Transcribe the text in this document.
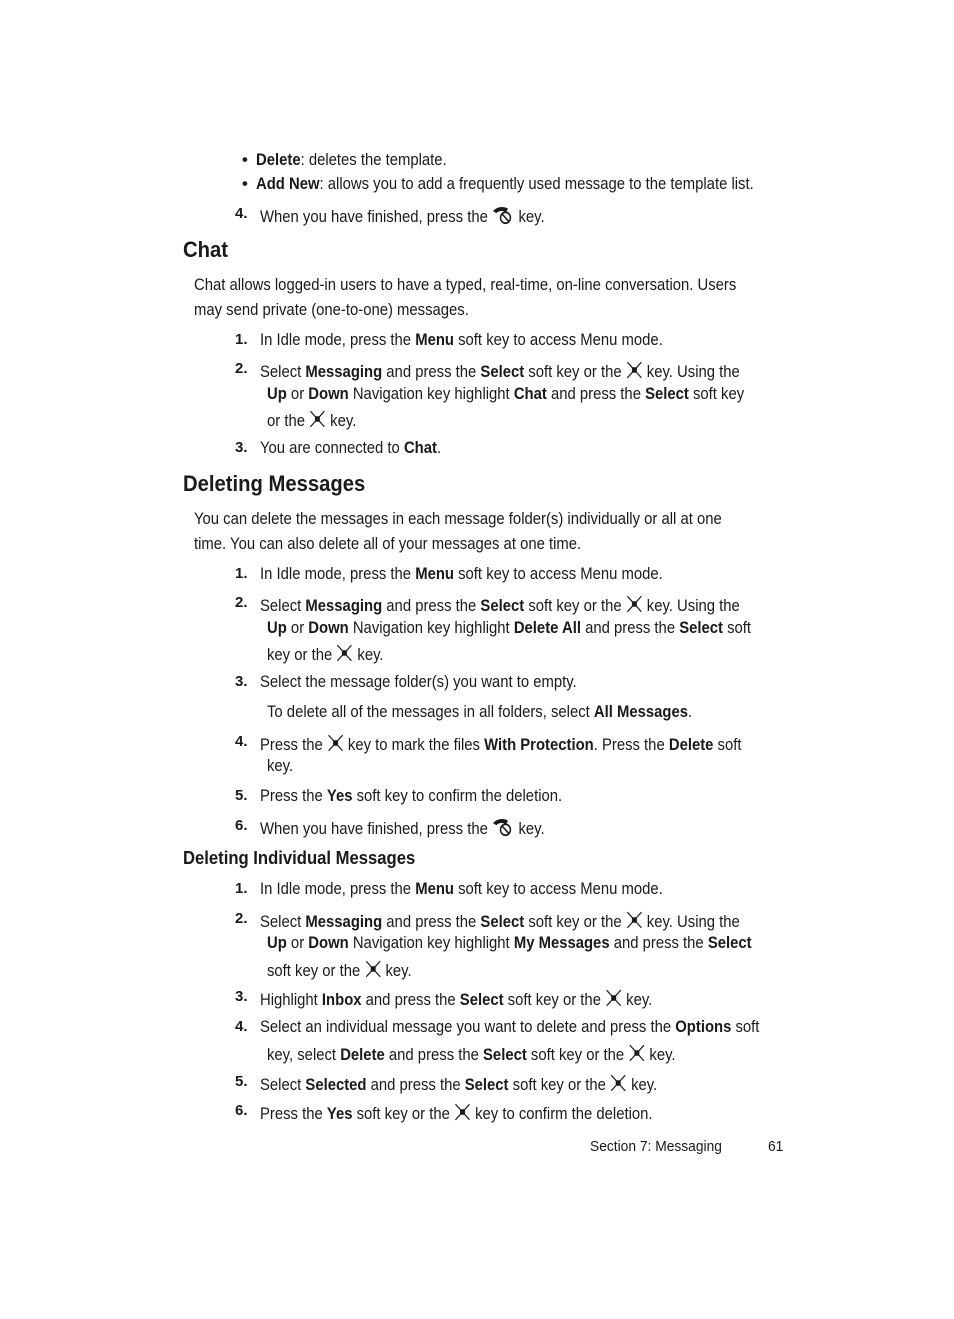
• Delete: deletes the template.
• Add New: allows you to add a frequently used message to the template list.
4. When you have finished, press the key.
Chat
Chat allows logged-in users to have a typed, real-time, on-line conversation. Users
may send private (one-to-one) messages.
1. In Idle mode, press the Menu soft key to access Menu mode.
2. Select Messaging and press the Select soft key or the key. Using the
Up or Down Navigation key highlight Chat and press the Select soft key
or the key.
3. You are connected to Chat.
Deleting Messages
You can delete the messages in each message folder(s) individually or all at one
time. You can also delete all of your messages at one time.
1. In Idle mode, press the Menu soft key to access Menu mode.
2. Select Messaging and press the Select soft key or the key. Using the
Up or Down Navigation key highlight Delete All and press the Select soft
key or the key.
3. Select the message folder(s) you want to empty.
To delete all of the messages in all folders, select All Messages.
4. Press the key to mark the files With Protection. Press the Delete soft
key.
5. Press the Yes soft key to confirm the deletion.
6. When you have finished, press the key.
Deleting Individual Messages
1. In Idle mode, press the Menu soft key to access Menu mode.
2. Select Messaging and press the Select soft key or the key. Using the
Up or Down Navigation key highlight My Messages and press the Select
soft key or the key.
3. Highlight Inbox and press the Select soft key or the key.
4. Select an individual message you want to delete and press the Options soft
key, select Delete and press the Select soft key or the key.
5. Select Selected and press the Select soft key or the key.
6. Press the Yes soft key or the key to confirm the deletion.
Section 7: Messaging	61
